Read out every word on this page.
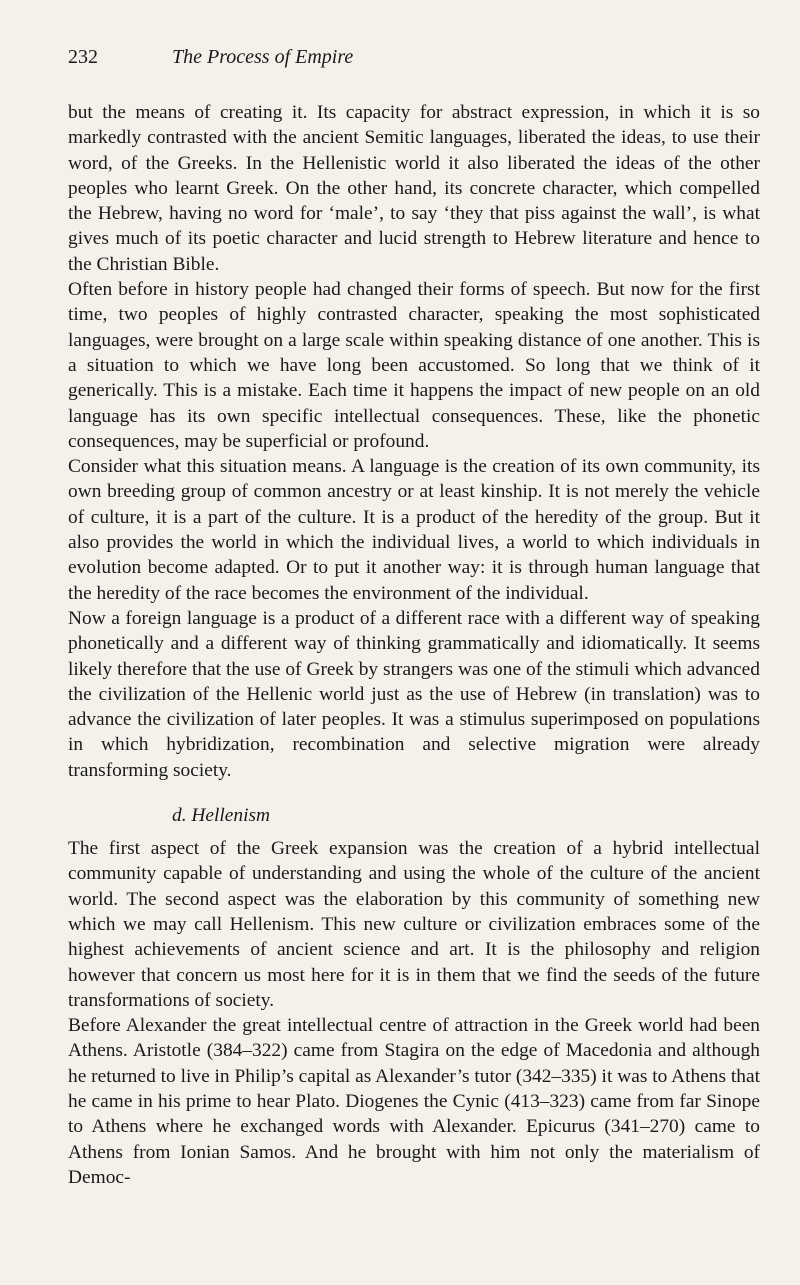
232	The Process of Empire

but the means of creating it. Its capacity for abstract expression, in which it is so markedly contrasted with the ancient Semitic languages, liberated the ideas, to use their word, of the Greeks. In the Hellenistic world it also liberated the ideas of the other peoples who learnt Greek. On the other hand, its concrete character, which compelled the Hebrew, having no word for ‘male’, to say ‘they that piss against the wall’, is what gives much of its poetic character and lucid strength to Hebrew literature and hence to the Christian Bible.

Often before in history people had changed their forms of speech. But now for the first time, two peoples of highly contrasted character, speaking the most sophisticated languages, were brought on a large scale within speaking distance of one another. This is a situation to which we have long been accustomed. So long that we think of it generically. This is a mistake. Each time it happens the impact of new people on an old language has its own specific intellectual consequences. These, like the phonetic consequences, may be superficial or profound.

Consider what this situation means. A language is the creation of its own community, its own breeding group of common ancestry or at least kinship. It is not merely the vehicle of culture, it is a part of the culture. It is a product of the heredity of the group. But it also provides the world in which the individual lives, a world to which individuals in evolution become adapted. Or to put it another way: it is through human language that the heredity of the race becomes the environment of the individual.

Now a foreign language is a product of a different race with a different way of speaking phonetically and a different way of thinking grammatically and idiomatically. It seems likely therefore that the use of Greek by strangers was one of the stimuli which advanced the civilization of the Hellenic world just as the use of Hebrew (in translation) was to advance the civilization of later peoples. It was a stimulus superimposed on populations in which hybridization, recombination and selective migration were already transforming society.

d. Hellenism

The first aspect of the Greek expansion was the creation of a hybrid intellectual community capable of understanding and using the whole of the culture of the ancient world. The second aspect was the elaboration by this community of something new which we may call Hellenism. This new culture or civilization embraces some of the highest achievements of ancient science and art. It is the philosophy and religion however that concern us most here for it is in them that we find the seeds of the future transformations of society.

Before Alexander the great intellectual centre of attraction in the Greek world had been Athens. Aristotle (384–322) came from Stagira on the edge of Macedonia and although he returned to live in Philip’s capital as Alexander’s tutor (342–335) it was to Athens that he came in his prime to hear Plato. Diogenes the Cynic (413–323) came from far Sinope to Athens where he exchanged words with Alexander. Epicurus (341–270) came to Athens from Ionian Samos. And he brought with him not only the materialism of Democ-
